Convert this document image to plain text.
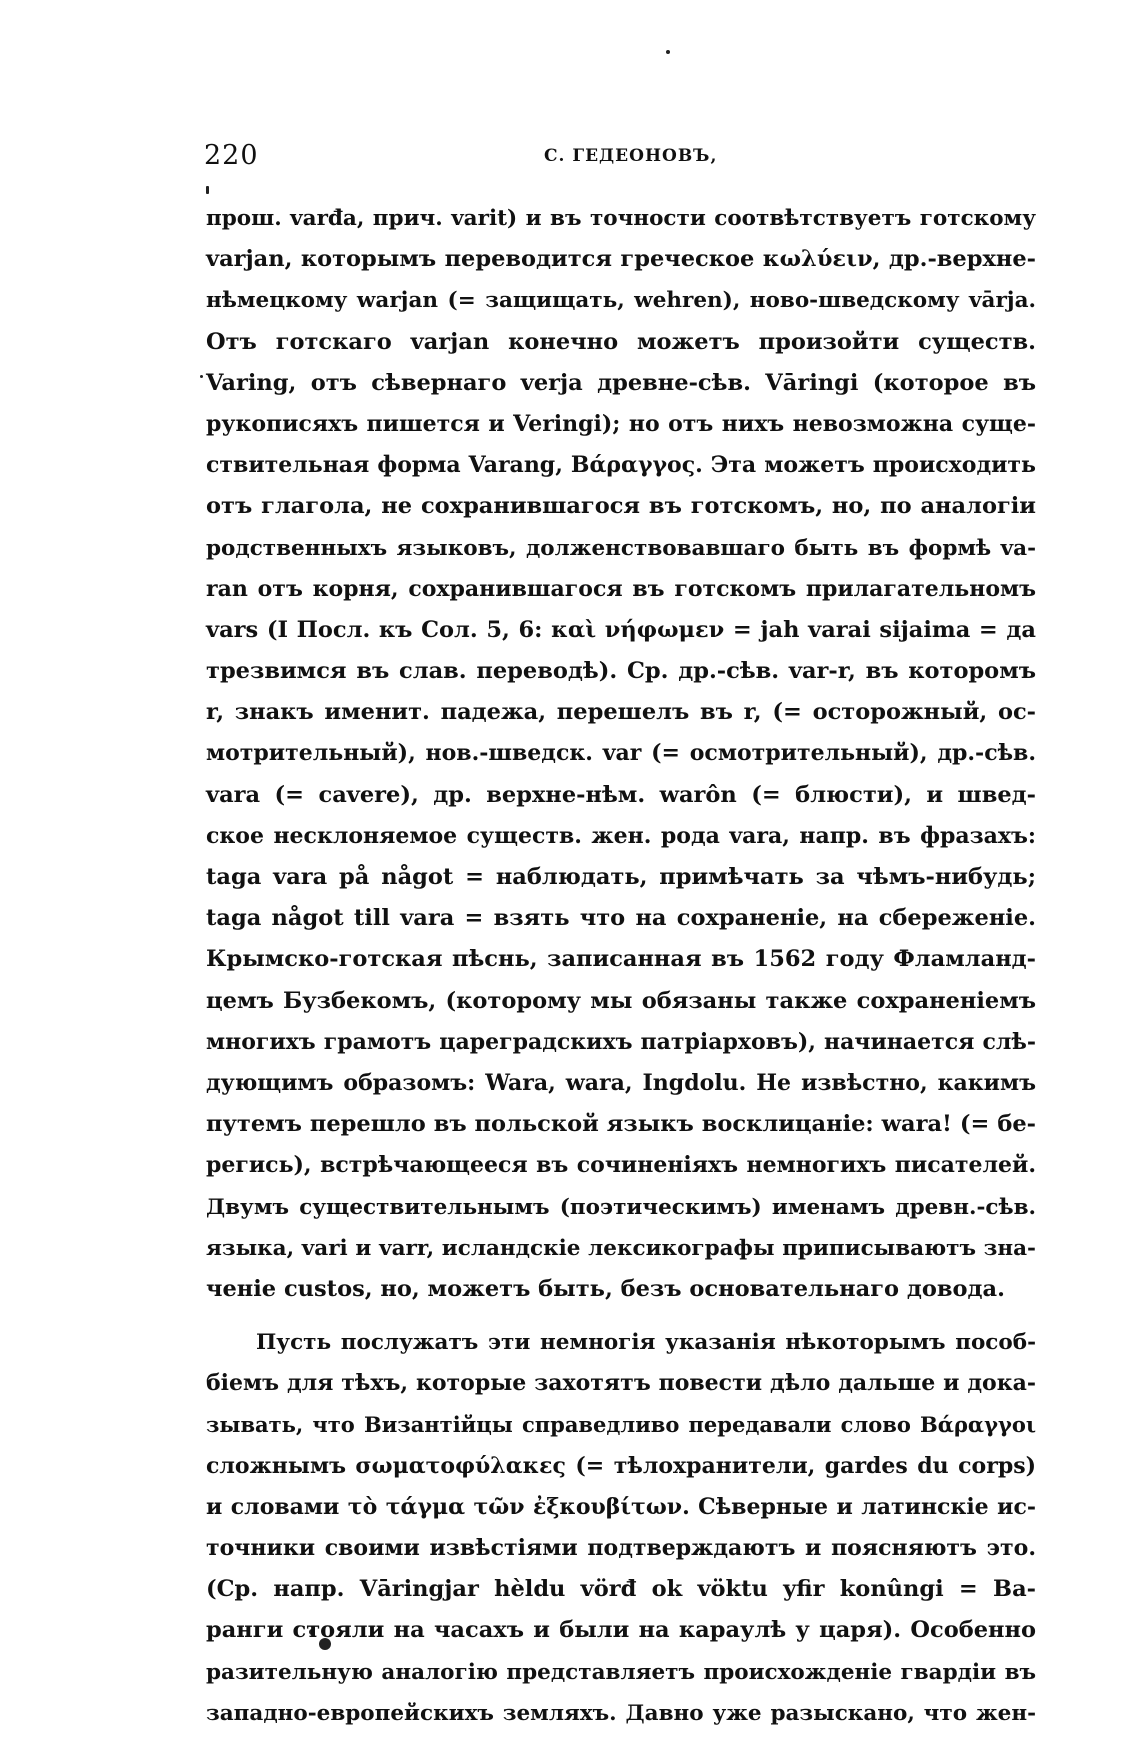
220	С. ГЕДЕОНОВЪ,
прош. varđa, прич. varit) и въ точности соотвѣтствуетъ готскому
varjan, которымъ переводится греческое κωλύειν, др.-верхне-
нѣмецкому warjan (= защищать, wehren), ново-шведскому vārja.
Отъ готскаго varjan конечно можетъ произойти существ.
Varing, отъ сѣвернаго verja древне-сѣв. Vāringi (которое въ
рукописяхъ пишется и Veringi); но отъ нихъ невозможна суще-
ствительная форма Varang, Βάραγγος. Эта можетъ происходить
отъ глагола, не сохранившагося въ готскомъ, но, по аналогіи
родственныхъ языковъ, долженствовавшаго быть въ формѣ va-
ran отъ корня, сохранившагося въ готскомъ прилагательномъ
vars (I Посл. къ Сол. 5, 6: καὶ νήφωμεν = jah varai sijaima = да
трезвимся въ слав. переводѣ). Ср. др.-сѣв. var-r, въ которомъ
r, знакъ именит. падежа, перешелъ въ r, (= осторожный, ос-
мотрительный), нов.-шведск. var (= осмотрительный), др.-сѣв.
vara (= cavere), др. верхне-нѣм. warôn (= блюсти), и швед-
ское несклоняемое существ. жен. рода vara, напр. въ фразахъ:
taga vara på något = наблюдать, примѣчать за чѣмъ-нибудь;
taga något till vara = взять что на сохраненіе, на сбереженіе.
Крымско-готская пѣснь, записанная въ 1562 году Фламланд-
цемъ Бузбекомъ, (которому мы обязаны также сохраненіемъ
многихъ грамотъ цареградскихъ патріарховъ), начинается слѣ-
дующимъ образомъ: Wara, wara, Ingdolu. Не извѣстно, какимъ
путемъ перешло въ польской языкъ восклицаніе: wara! (= бе-
регись), встрѣчающееся въ сочиненіяхъ немногихъ писателей.
Двумъ существительнымъ (поэтическимъ) именамъ древн.-сѣв.
языка, vari и varr, исландскіе лексикографы приписываютъ зна-
ченіе custos, но, можетъ быть, безъ основательнаго довода.
Пусть послужатъ эти немногія указанія нѣкоторымъ пособ-
біемъ для тѣхъ, которые захотятъ повести дѣло дальше и дока-
зывать, что Византійцы справедливо передавали слово Βάραγγοι
сложнымъ σωματοφύλακες (= тѣлохранители, gardes du corps)
и словами τὸ τάγμα τῶν ἐξκουβίτων. Сѣверные и латинскіе ис-
точники своими извѣстіями подтверждаютъ и поясняютъ это.
(Ср. напр. Vāringjar hèldu vörđ ok vöktu yfir konûngi = Ва-
ранги стояли на часахъ и были на караулѣ у царя). Особенно
разительную аналогію представляетъ происхожденіе гвардіи въ
западно-европейскихъ земляхъ. Давно уже разыскано, что жен-
